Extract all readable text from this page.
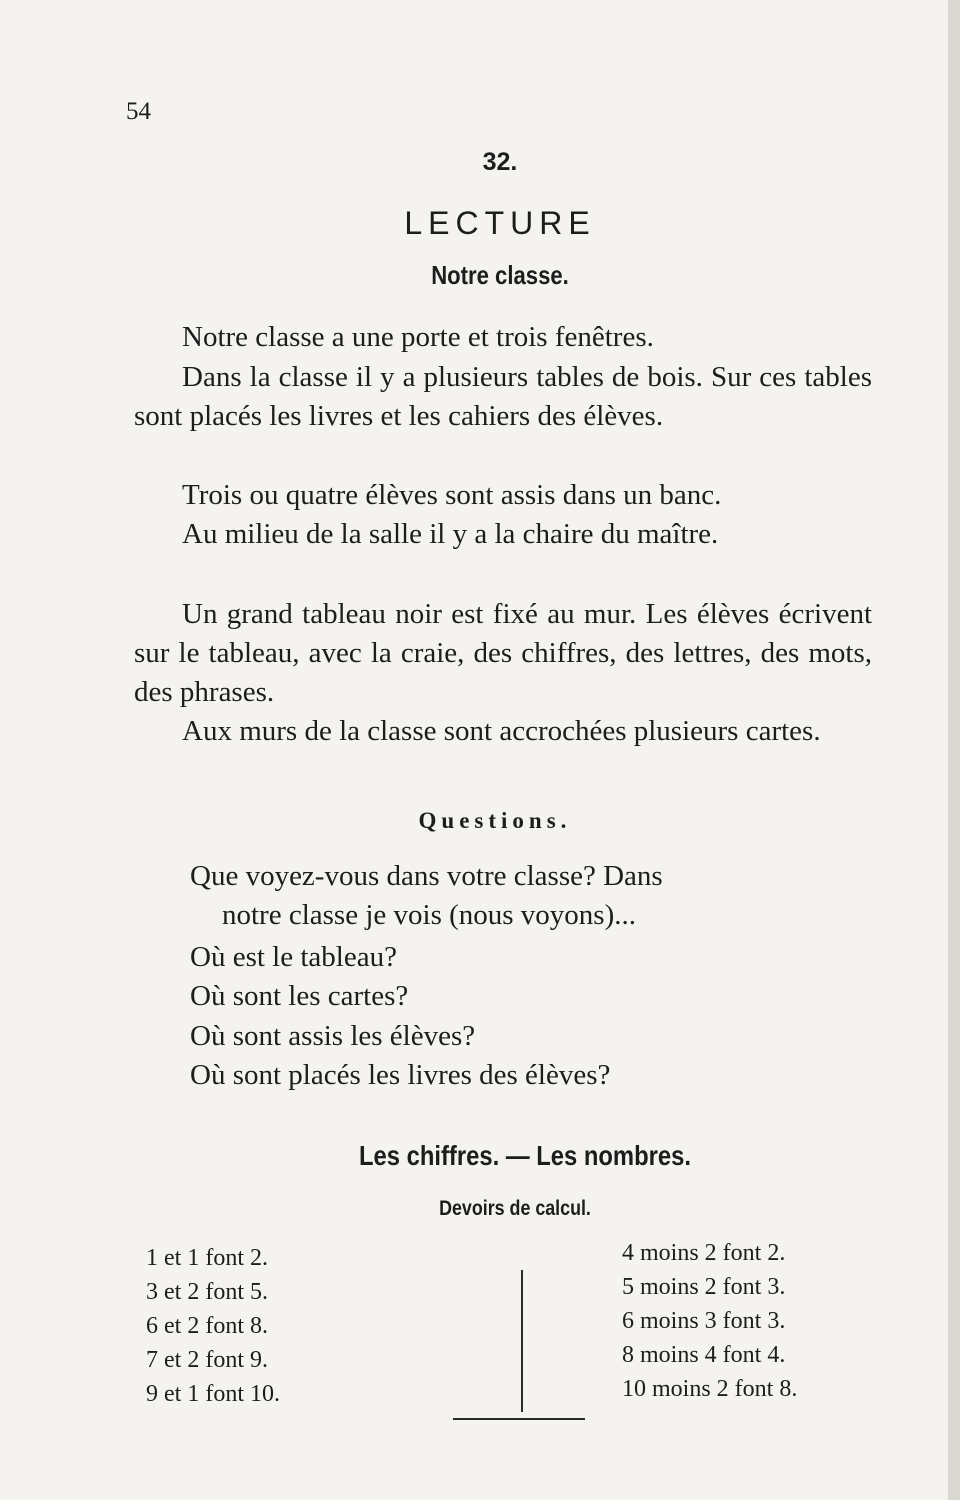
54
32.
LECTURE
Notre classe.
Notre classe a une porte et trois fenêtres.
Dans la classe il y a plusieurs tables de bois. Sur ces tables sont placés les livres et les cahiers des élèves.
Trois ou quatre élèves sont assis dans un banc.
Au milieu de la salle il y a la chaire du maître.
Un grand tableau noir est fixé au mur. Les élèves écrivent sur le tableau, avec la craie, des chiffres, des lettres, des mots, des phrases.
Aux murs de la classe sont accrochées plusieurs cartes.
Questions.
Que voyez-vous dans votre classe? Dans
notre classe je vois (nous voyons)...
Où est le tableau?
Où sont les cartes?
Où sont assis les élèves?
Où sont placés les livres des élèves?
Les chiffres. — Les nombres.
Devoirs de calcul.
1 et 1 font 2.
3 et 2 font 5.
6 et 2 font 8.
7 et 2 font 9.
9 et 1 font 10.
4 moins 2 font 2.
5 moins 2 font 3.
6 moins 3 font 3.
8 moins 4 font 4.
10 moins 2 font 8.
